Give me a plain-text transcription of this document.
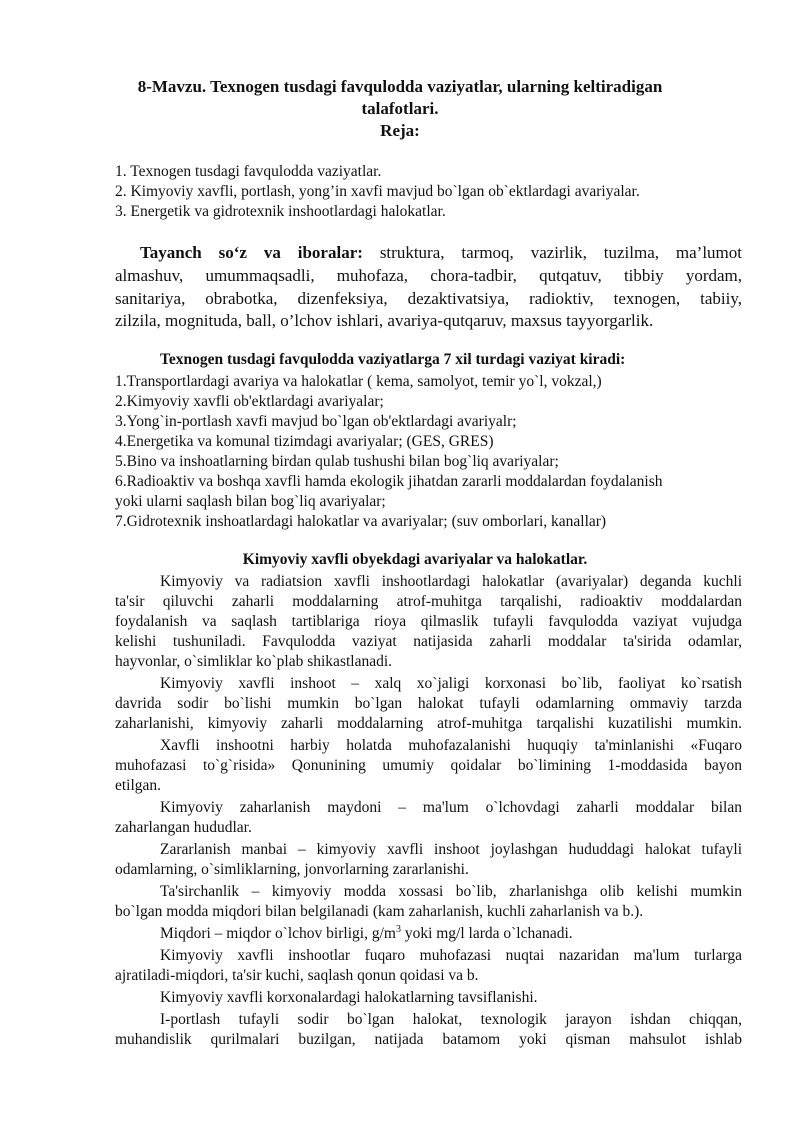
8-Mavzu. Texnogen tusdagi favqulodda vaziyatlar, ularning keltiradigan
talafotlari.
Reja:
1. Texnogen tusdagi favqulodda vaziyatlar.
2. Kimyoviy xavfli, portlash, yong’in xavfi mavjud bo`lgan ob`ektlardagi avariyalar.
3. Energetik va gidrotexnik inshootlardagi halokatlar.
Tayanch so‘z va iboralar: struktura, tarmoq, vazirlik, tuzilma, ma’lumot
almashuv, umummaqsadli, muhofaza, chora-tadbir, qutqatuv, tibbiy yordam,
sanitariya, obrabotka, dizenfeksiya, dezaktivatsiya, radioktiv, texnogen, tabiiy,
zilzila, mognituda, ball, o’lchov ishlari, avariya-qutqaruv, maxsus tayyorgarlik.
Texnogen tusdagi favqulodda vaziyatlarga 7 xil turdagi vaziyat kiradi:
1.Transportlardagi avariya va halokatlar ( kema, samolyot, temir yo`l, vokzal,)
2.Kimyoviy xavfli ob'ektlardagi avariyalar;
3.Yong`in-portlash xavfi mavjud bo`lgan ob'ektlardagi avariyalr;
4.Energetika va komunal tizimdagi avariyalar; (GES, GRES)
5.Bino va inshoatlarning birdan qulab tushushi bilan bog`liq avariyalar;
6.Radioaktiv va boshqa xavfli hamda ekologik jihatdan zararli moddalardan foydalanish
yoki ularni saqlash bilan bog`liq avariyalar;
7.Gidrotexnik inshoatlardagi halokatlar va avariyalar; (suv omborlari, kanallar)
Kimyoviy xavfli obyekdagi avariyalar va halokatlar.
Kimyoviy va radiatsion xavfli inshootlardagi halokatlar (avariyalar) deganda kuchli
ta'sir qiluvchi zaharli moddalarning atrof-muhitga tarqalishi, radioaktiv moddalardan
foydalanish va saqlash tartiblariga rioya qilmaslik tufayli favqulodda vaziyat vujudga
kelishi tushuniladi. Favqulodda vaziyat natijasida zaharli moddalar ta'sirida odamlar,
hayvonlar, o`simliklar ko`plab shikastlanadi.
Kimyoviy xavfli inshoot – xalq xo`jaligi korxonasi bo`lib, faoliyat ko`rsatish
davrida sodir bo`lishi mumkin bo`lgan halokat tufayli odamlarning ommaviy tarzda
zaharlanishi, kimyoviy zaharli moddalarning atrof-muhitga tarqalishi kuzatilishi mumkin.
Xavfli inshootni harbiy holatda muhofazalanishi huquqiy ta'minlanishi «Fuqaro
muhofazasi to`g`risida» Qonunining umumiy qoidalar bo`limining 1-moddasida bayon
etilgan.
Kimyoviy zaharlanish maydoni – ma'lum o`lchovdagi zaharli moddalar bilan
zaharlangan hududlar.
Zararlanish manbai – kimyoviy xavfli inshoot joylashgan hududdagi halokat tufayli
odamlarning, o`simliklarning, jonvorlarning zararlanishi.
Ta'sirchanlik – kimyoviy modda xossasi bo`lib, zharlanishga olib kelishi mumkin
bo`lgan modda miqdori bilan belgilanadi (kam zaharlanish, kuchli zaharlanish va b.).
Miqdori – miqdor o`lchov birligi, $g/m^3$ yoki mg/l larda o`lchanadi.
Kimyoviy xavfli inshootlar fuqaro muhofazasi nuqtai nazaridan ma'lum turlarga
ajratiladi-miqdori, ta'sir kuchi, saqlash qonun qoidasi va b.
Kimyoviy xavfli korxonalardagi halokatlarning tavsiflanishi.
I-portlash tufayli sodir bo`lgan halokat, texnologik jarayon ishdan chiqqan,
muhandislik qurilmalari buzilgan, natijada batamom yoki qisman mahsulot ishlab
